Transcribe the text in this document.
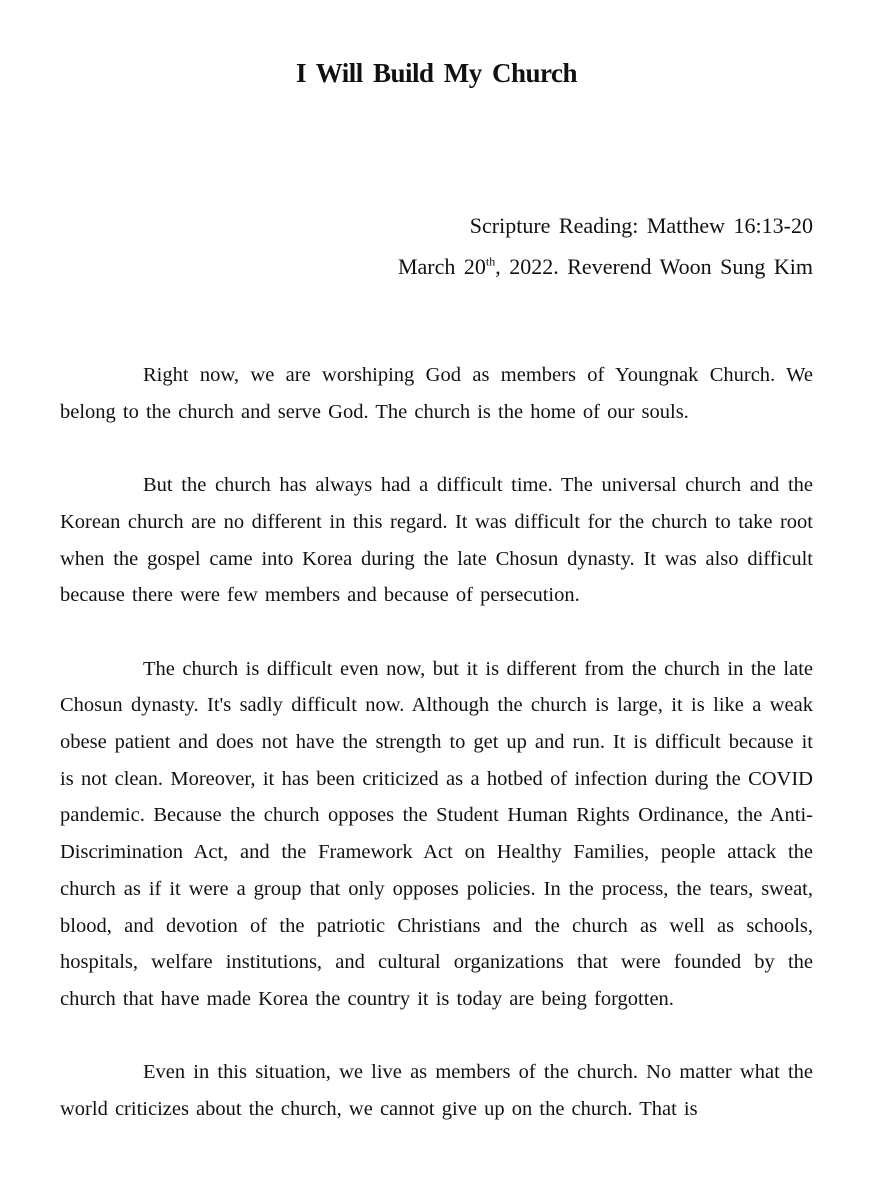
I Will Build My Church
Scripture Reading: Matthew 16:13-20
March 20th, 2022. Reverend Woon Sung Kim

Right now, we are worshiping God as members of Youngnak Church. We belong to the church and serve God. The church is the home of our souls.

But the church has always had a difficult time. The universal church and the Korean church are no different in this regard. It was difficult for the church to take root when the gospel came into Korea during the late Chosun dynasty. It was also difficult because there were few members and because of persecution.

The church is difficult even now, but it is different from the church in the late Chosun dynasty. It's sadly difficult now. Although the church is large, it is like a weak obese patient and does not have the strength to get up and run. It is difficult because it is not clean. Moreover, it has been criticized as a hotbed of infection during the COVID pandemic. Because the church opposes the Student Human Rights Ordinance, the Anti-Discrimination Act, and the Framework Act on Healthy Families, people attack the church as if it were a group that only opposes policies. In the process, the tears, sweat, blood, and devotion of the patriotic Christians and the church as well as schools, hospitals, welfare institutions, and cultural organizations that were founded by the church that have made Korea the country it is today are being forgotten.

Even in this situation, we live as members of the church. No matter what the world criticizes about the church, we cannot give up on the church. That is
